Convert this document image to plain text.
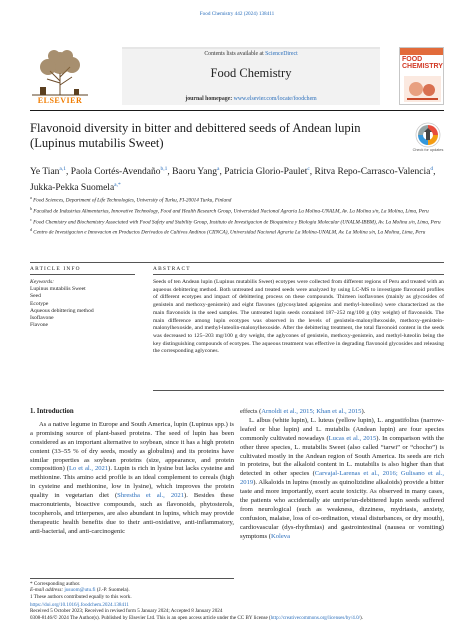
Food Chemistry 442 (2024) 138411
ELSEVIER
Contents lists available at ScienceDirect
Food Chemistry
journal homepage: www.elsevier.com/locate/foodchem
FOOD CHEMISTRY
Flavonoid diversity in bitter and debittered seeds of Andean lupin (Lupinus mutabilis Sweet)	Check for updates
Ye Tian$^{a,1}$, Paola Cortés-Avendaño$^{b,1}$, Baoru Yang$^a$, Patricia Glorio-Paulet$^c$, Ritva Repo-Carrasco-Valencia$^d$, Jukka-Pekka Suomela$^{a,*}$
$^a$ Food Sciences, Department of Life Technologies, University of Turku, FI-20014 Turku, Finland
$^b$ Facultad de Industrias Alimentarias, Innovative Technology, Food and Health Research Group, Universidad Nacional Agraria La Molina-UNALM, Av. La Molina s/n, La Molina, Lima, Peru
$^c$ Food Chemistry and Biochemistry Associated with Food Safety and Stability Group, Instituto de Investigacion de Bioquimica y Biologia Molecular (UNALM-IBBM), Av. La Molina s/n, Lima, Peru
$^d$ Centro de Investigacion e Innovacion en Productos Derivados de Cultivos Andinos (CIINCA), Universidad Nacional Agraria La Molina-UNALM, Av. La Molina s/n, La Molina, Lima, Peru
ARTICLE INFO	ABSTRACT
Keywords:
Lupinus mutabilis Sweet
Seed
Ecotype
Aqueous debittering method
Isoflavone
Flavone
Seeds of ten Andean lupin (Lupinus mutabilis Sweet) ecotypes were collected from different regions of Peru and treated with an aqueous debittering method. Both untreated and treated seeds were analyzed by using LC-MS to investigate flavonoid profiles of different ecotypes and impact of debittering process on these compounds. Thirteen isoflavones (mainly as glycosides of genistein and methoxy-genistein) and eight flavones (glycosylated apigenins and methyl-luteolins) were characterized as the main flavonoids in the seed samples. The untreated lupin seeds contained 187–252 mg/100 g (dry weight) of flavonoids. The main difference among lupin ecotypes was observed in the levels of genistein-malonylhexoside, methoxy-genistein-malonylhexoside, and methyl-luteolin-malonylhexoside. After the debittering treatment, the total flavonoid content in the seeds was decreased to 125–203 mg/100 g dry weight, the aglycones of genistein, methoxy-genistein, and methyl-luteolin being the key distinguishing compounds of ecotypes. The aqueous treatment was effective in degrading flavonoid glycosides and releasing the corresponding aglycones.
1. Introduction
As a native legume in Europe and South America, lupin (Lupinus spp.) is a promising source of plant-based proteins. The seed of lupin has been considered as an important alternative to soybean, since it has a high protein content (33–55 % of dry seeds, mostly as globulins) and its proteins have similar properties as soybean proteins (size, appearance, and protein composition) (Lo et al., 2021). Lupin is rich in lysine but lacks cysteine and methionine. This amino acid profile is an ideal complement to cereals (high in cysteine and methionine, low in lysine), which improves the protein quality in vegetarian diet (Shrestha et al., 2021). Besides these macronutrients, bioactive compounds, such as flavonoids, phytosterols, tocopherols, and triterpenes, are also abundant in lupins, which may provide therapeutic health benefits due to their anti-oxidative, anti-inflammatory, anti-bacterial, and anti-carcinogenic
effects (Arnoldi et al., 2015; Khan et al., 2015).
L. albus (white lupin), L. luteus (yellow lupin), L. angustifolius (narrow-leafed or blue lupin) and L. mutabilis (Andean lupin) are four species commonly cultivated nowadays (Lucas et al., 2015). In comparison with the other three species, L. mutabilis Sweet (also called “tarwi” or “chocho”) is cultivated mostly in the Andean region of South America. Its seeds are rich in proteins, but the alkaloid content in L. mutabilis is also higher than that detected in other species (Carvajal-Larenas et al., 2016; Gulisano et al., 2019). Alkaloids in lupins (mostly as quinolizidine alkaloids) provide a bitter taste and more importantly, exert acute toxicity. As observed in many cases, the patients who accidentally ate unripe/un-debittered lupin seeds suffered from neurological (such as weakness, dizziness, mydriasis, anxiety, confusion, malaise, loss of co-ordination, visual disturbances, or dry mouth), cardiovascular (dys-rhythmias) and gastrointestinal (nausea or vomiting) symptoms (Koleva
* Corresponding author.
E-mail address: jusuom@utu.fi (J.-P. Suomela).
1 These authors contributed equally to this work.
https://doi.org/10.1016/j.foodchem.2024.138411
Received 5 October 2023; Received in revised form 5 January 2024; Accepted 8 January 2024
0308-8146/© 2024 The Author(s). Published by Elsevier Ltd. This is an open access article under the CC BY license (http://creativecommons.org/licenses/by/4.0/).
